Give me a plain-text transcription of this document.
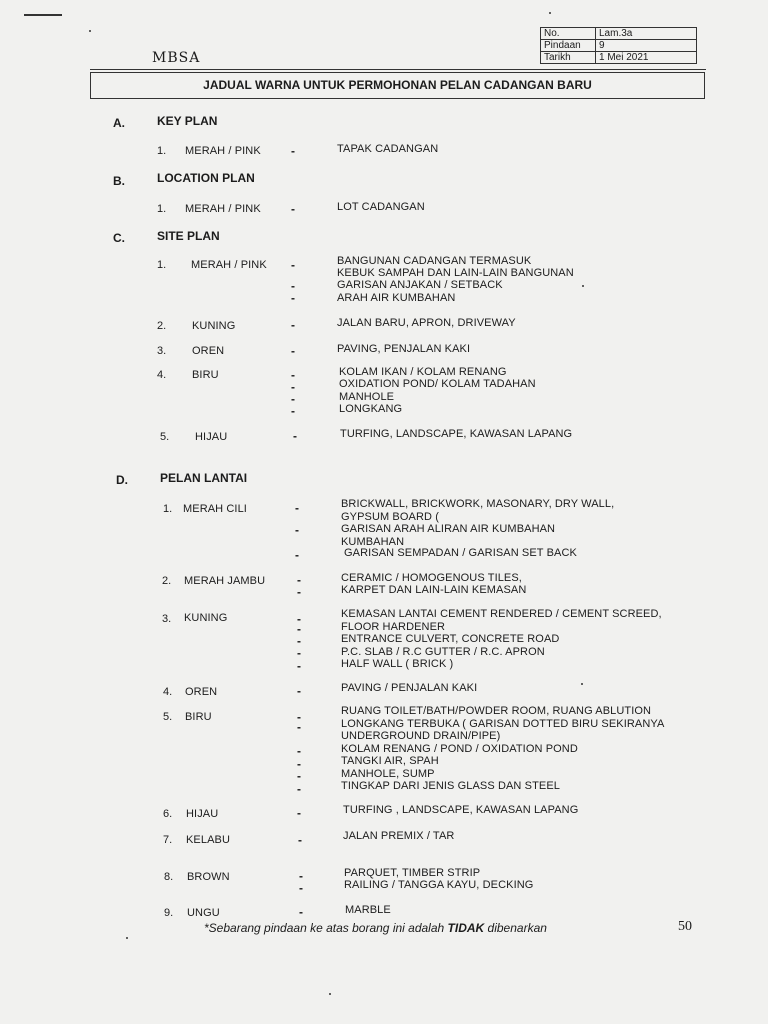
MBSA
No.	Lam.3a
Pindaan	9
Tarikh	1 Mei 2021
JADUAL WARNA UNTUK PERMOHONAN PELAN CADANGAN BARU
A.	KEY PLAN
1. MERAH / PINK	-	TAPAK CADANGAN
B.	LOCATION PLAN
1. MERAH / PINK	-	LOT CADANGAN
C.	SITE PLAN
1. MERAH / PINK -	BANGUNAN CADANGAN TERMASUK
KEBUK SAMPAH DAN LAIN-LAIN BANGUNAN
-	GARISAN ANJAKAN / SETBACK
-	ARAH AIR KUMBAHAN
2. KUNING	-	JALAN BARU, APRON, DRIVEWAY
3. OREN	-	PAVING, PENJALAN KAKI
4. BIRU	-	KOLAM IKAN / KOLAM RENANG
-	OXIDATION POND/ KOLAM TADAHAN
-	MANHOLE
-	LONGKANG
5. HIJAU	-	TURFING, LANDSCAPE, KAWASAN LAPANG
D.	PELAN LANTAI
1. MERAH CILI	-	BRICKWALL, BRICKWORK, MASONARY, DRY WALL,
GYPSUM BOARD (
-	GARISAN ARAH ALIRAN AIR KUMBAHAN
KUMBAHAN
-	GARISAN SEMPADAN / GARISAN SET BACK
2. MERAH JAMBU	-	CERAMIC / HOMOGENOUS TILES,
-	KARPET DAN LAIN-LAIN KEMASAN
3. KUNING	-	KEMASAN LANTAI CEMENT RENDERED / CEMENT SCREED,
-	FLOOR HARDENER
-	ENTRANCE CULVERT, CONCRETE ROAD
-	P.C. SLAB / R.C GUTTER / R.C. APRON
-	HALF WALL ( BRICK )
4. OREN	-	PAVING / PENJALAN KAKI
5. BIRU	-	RUANG TOILET/BATH/POWDER ROOM, RUANG ABLUTION
-	LONGKANG TERBUKA ( GARISAN DOTTED BIRU SEKIRANYA
UNDERGROUND DRAIN/PIPE)
-	KOLAM RENANG / POND / OXIDATION POND
-	TANGKI AIR, SPAH
-	MANHOLE, SUMP
-	TINGKAP DARI JENIS GLASS DAN STEEL
6. HIJAU	-	TURFING , LANDSCAPE, KAWASAN LAPANG
7. KELABU	-	JALAN PREMIX / TAR
8. BROWN	-	PARQUET, TIMBER STRIP
-	RAILING / TANGGA KAYU, DECKING
9. UNGU	-	MARBLE
*Sebarang pindaan ke atas borang ini adalah TIDAK dibenarkan	50
